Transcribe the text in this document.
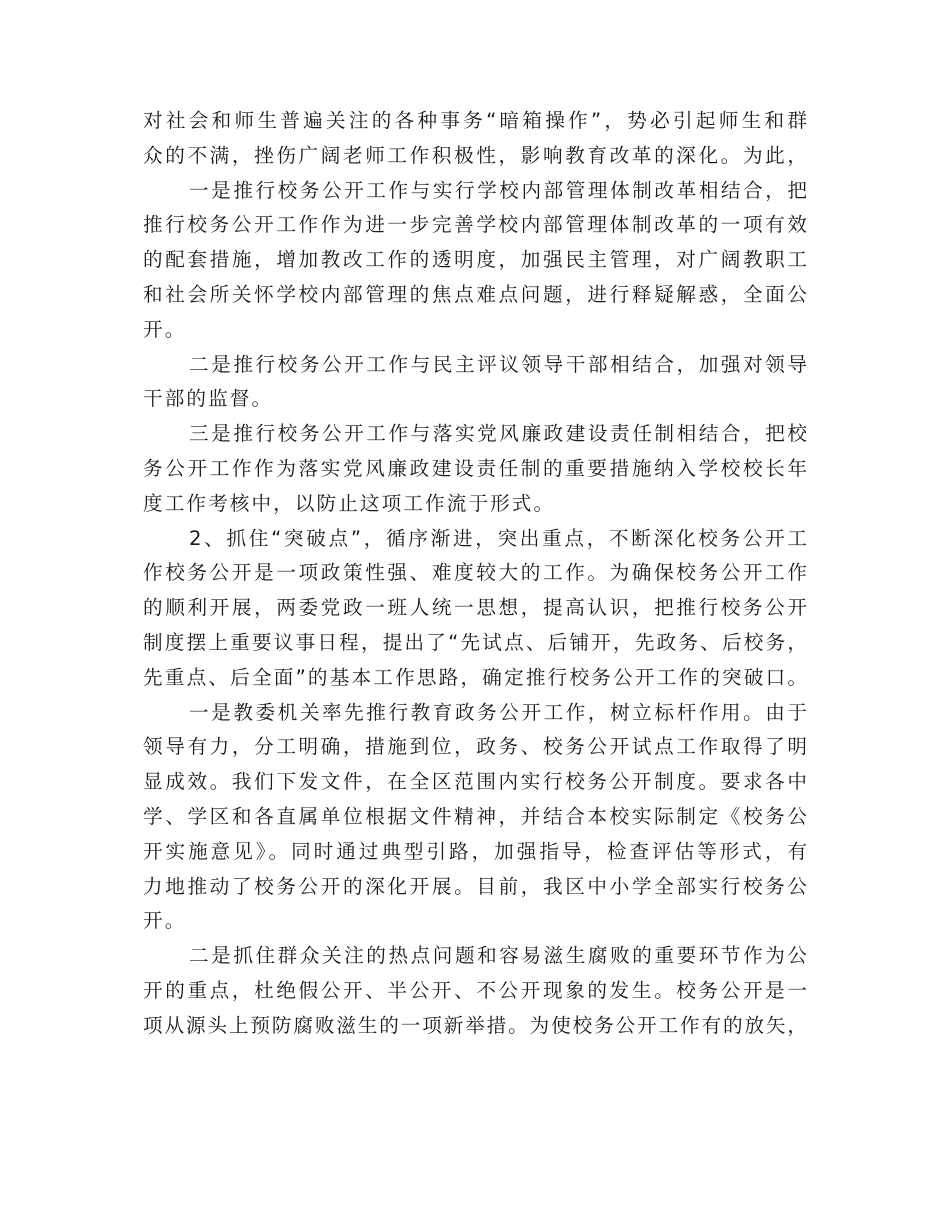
对社会和师生普遍关注的各种事务“暗箱操作”，势必引起师生和群
众的不满，挫伤广阔老师工作积极性，影响教育改革的深化。为此，
一是推行校务公开工作与实行学校内部管理体制改革相结合，把
推行校务公开工作作为进一步完善学校内部管理体制改革的一项有效
的配套措施，增加教改工作的透明度，加强民主管理，对广阔教职工
和社会所关怀学校内部管理的焦点难点问题，进行释疑解惑，全面公
开。
二是推行校务公开工作与民主评议领导干部相结合，加强对领导
干部的监督。
三是推行校务公开工作与落实党风廉政建设责任制相结合，把校
务公开工作作为落实党风廉政建设责任制的重要措施纳入学校校长年
度工作考核中，以防止这项工作流于形式。
2、抓住“突破点”，循序渐进，突出重点，不断深化校务公开工
作校务公开是一项政策性强、难度较大的工作。为确保校务公开工作
的顺利开展，两委党政一班人统一思想，提高认识，把推行校务公开
制度摆上重要议事日程，提出了“先试点、后铺开，先政务、后校务，
先重点、后全面”的基本工作思路，确定推行校务公开工作的突破口。
一是教委机关率先推行教育政务公开工作，树立标杆作用。由于
领导有力，分工明确，措施到位，政务、校务公开试点工作取得了明
显成效。我们下发文件，在全区范围内实行校务公开制度。要求各中
学、学区和各直属单位根据文件精神，并结合本校实际制定《校务公
开实施意见》。同时通过典型引路，加强指导，检查评估等形式，有
力地推动了校务公开的深化开展。目前，我区中小学全部实行校务公
开。
二是抓住群众关注的热点问题和容易滋生腐败的重要环节作为公
开的重点，杜绝假公开、半公开、不公开现象的发生。校务公开是一
项从源头上预防腐败滋生的一项新举措。为使校务公开工作有的放矢，
